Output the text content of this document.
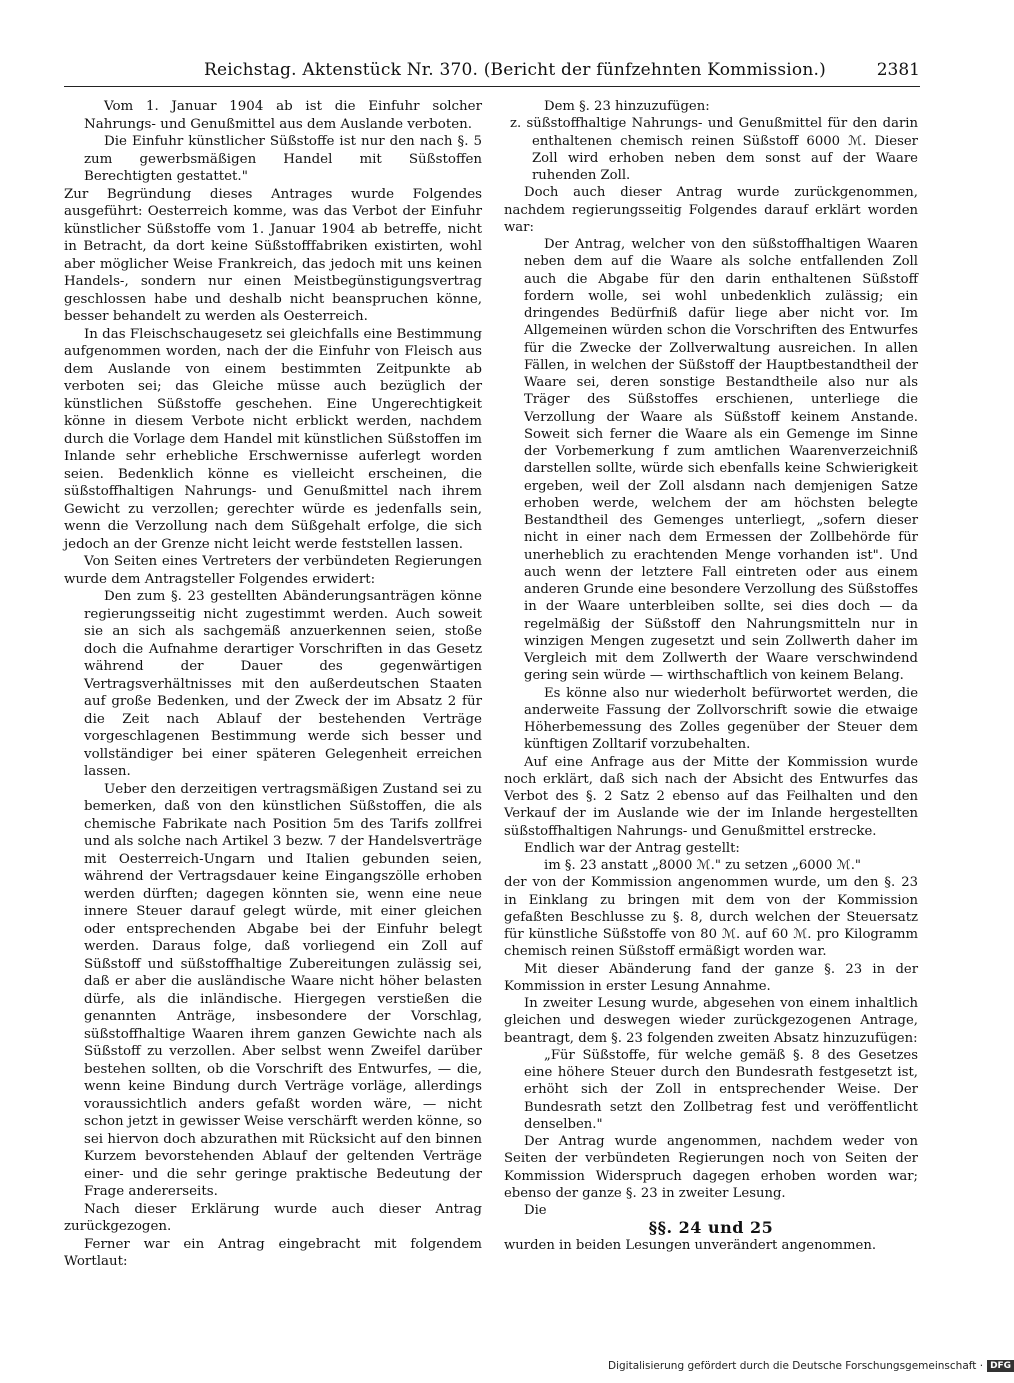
Reichstag. Aktenstück Nr. 370. (Bericht der fünfzehnten Kommission.)	2381

Vom 1. Januar 1904 ab ist die Einfuhr solcher Nahrungs- und Genußmittel aus dem Auslande verboten.

Die Einfuhr künstlicher Süßstoffe ist nur den nach §. 5 zum gewerbsmäßigen Handel mit Süßstoffen Berechtigten gestattet."

Zur Begründung dieses Antrages wurde Folgendes ausgeführt: Oesterreich komme, was das Verbot der Einfuhr künstlicher Süßstoffe vom 1. Januar 1904 ab betreffe, nicht in Betracht, da dort keine Süßstofffabriken existirten, wohl aber möglicher Weise Frankreich, das jedoch mit uns keinen Handels-, sondern nur einen Meistbegünstigungsvertrag geschlossen habe und deshalb nicht beanspruchen könne, besser behandelt zu werden als Oesterreich.

In das Fleischschaugesetz sei gleichfalls eine Bestimmung aufgenommen worden, nach der die Einfuhr von Fleisch aus dem Auslande von einem bestimmten Zeitpunkte ab verboten sei; das Gleiche müsse auch bezüglich der künstlichen Süßstoffe geschehen. Eine Ungerechtigkeit könne in diesem Verbote nicht erblickt werden, nachdem durch die Vorlage dem Handel mit künstlichen Süßstoffen im Inlande sehr erhebliche Erschwernisse auferlegt worden seien. Bedenklich könne es vielleicht erscheinen, die süßstoffhaltigen Nahrungs- und Genußmittel nach ihrem Gewicht zu verzollen; gerechter würde es jedenfalls sein, wenn die Verzollung nach dem Süßgehalt erfolge, die sich jedoch an der Grenze nicht leicht werde feststellen lassen.

Von Seiten eines Vertreters der verbündeten Regierungen wurde dem Antragsteller Folgendes erwidert:

Den zum §. 23 gestellten Abänderungsanträgen könne regierungsseitig nicht zugestimmt werden. Auch soweit sie an sich als sachgemäß anzuerkennen seien, stoße doch die Aufnahme derartiger Vorschriften in das Gesetz während der Dauer des gegenwärtigen Vertragsverhältnisses mit den außerdeutschen Staaten auf große Bedenken, und der Zweck der im Absatz 2 für die Zeit nach Ablauf der bestehenden Verträge vorgeschlagenen Bestimmung werde sich besser und vollständiger bei einer späteren Gelegenheit erreichen lassen.

Ueber den derzeitigen vertragsmäßigen Zustand sei zu bemerken, daß von den künstlichen Süßstoffen, die als chemische Fabrikate nach Position 5m des Tarifs zollfrei und als solche nach Artikel 3 bezw. 7 der Handelsverträge mit Oesterreich-Ungarn und Italien gebunden seien, während der Vertragsdauer keine Eingangszölle erhoben werden dürften; dagegen könnten sie, wenn eine neue innere Steuer darauf gelegt würde, mit einer gleichen oder entsprechenden Abgabe bei der Einfuhr belegt werden. Daraus folge, daß vorliegend ein Zoll auf Süßstoff und süßstoffhaltige Zubereitungen zulässig sei, daß er aber die ausländische Waare nicht höher belasten dürfe, als die inländische. Hiergegen verstießen die genannten Anträge, insbesondere der Vorschlag, süßstoffhaltige Waaren ihrem ganzen Gewichte nach als Süßstoff zu verzollen. Aber selbst wenn Zweifel darüber bestehen sollten, ob die Vorschrift des Entwurfes, — die, wenn keine Bindung durch Verträge vorläge, allerdings voraussichtlich anders gefaßt worden wäre, — nicht schon jetzt in gewisser Weise verschärft werden könne, so sei hiervon doch abzurathen mit Rücksicht auf den binnen Kurzem bevorstehenden Ablauf der geltenden Verträge einer- und die sehr geringe praktische Bedeutung der Frage andererseits.

Nach dieser Erklärung wurde auch dieser Antrag zurückgezogen.

Ferner war ein Antrag eingebracht mit folgendem Wortlaut:

Dem §. 23 hinzuzufügen:

z. süßstoffhaltige Nahrungs- und Genußmittel für den darin enthaltenen chemisch reinen Süßstoff 6000 ℳ. Dieser Zoll wird erhoben neben dem sonst auf der Waare ruhenden Zoll.

Doch auch dieser Antrag wurde zurückgenommen, nachdem regierungsseitig Folgendes darauf erklärt worden war:

Der Antrag, welcher von den süßstoffhaltigen Waaren neben dem auf die Waare als solche entfallenden Zoll auch die Abgabe für den darin enthaltenen Süßstoff fordern wolle, sei wohl unbedenklich zulässig; ein dringendes Bedürfniß dafür liege aber nicht vor. Im Allgemeinen würden schon die Vorschriften des Entwurfes für die Zwecke der Zollverwaltung ausreichen. In allen Fällen, in welchen der Süßstoff der Hauptbestandtheil der Waare sei, deren sonstige Bestandtheile also nur als Träger des Süßstoffes erschienen, unterliege die Verzollung der Waare als Süßstoff keinem Anstande. Soweit sich ferner die Waare als ein Gemenge im Sinne der Vorbemerkung f zum amtlichen Waarenverzeichniß darstellen sollte, würde sich ebenfalls keine Schwierigkeit ergeben, weil der Zoll alsdann nach demjenigen Satze erhoben werde, welchem der am höchsten belegte Bestandtheil des Gemenges unterliegt, „sofern dieser nicht in einer nach dem Ermessen der Zollbehörde für unerheblich zu erachtenden Menge vorhanden ist". Und auch wenn der letztere Fall eintreten oder aus einem anderen Grunde eine besondere Verzollung des Süßstoffes in der Waare unterbleiben sollte, sei dies doch — da regelmäßig der Süßstoff den Nahrungsmitteln nur in winzigen Mengen zugesetzt und sein Zollwerth daher im Vergleich mit dem Zollwerth der Waare verschwindend gering sein würde — wirthschaftlich von keinem Belang.

Es könne also nur wiederholt befürwortet werden, die anderweite Fassung der Zollvorschrift sowie die etwaige Höherbemessung des Zolles gegenüber der Steuer dem künftigen Zolltarif vorzubehalten.

Auf eine Anfrage aus der Mitte der Kommission wurde noch erklärt, daß sich nach der Absicht des Entwurfes das Verbot des §. 2 Satz 2 ebenso auf das Feilhalten und den Verkauf der im Auslande wie der im Inlande hergestellten süßstoffhaltigen Nahrungs- und Genußmittel erstrecke.

Endlich war der Antrag gestellt:

im §. 23 anstatt „8000 ℳ." zu setzen „6000 ℳ."

der von der Kommission angenommen wurde, um den §. 23 in Einklang zu bringen mit dem von der Kommission gefaßten Beschlusse zu §. 8, durch welchen der Steuersatz für künstliche Süßstoffe von 80 ℳ. auf 60 ℳ. pro Kilogramm chemisch reinen Süßstoff ermäßigt worden war.

Mit dieser Abänderung fand der ganze §. 23 in der Kommission in erster Lesung Annahme.

In zweiter Lesung wurde, abgesehen von einem inhaltlich gleichen und deswegen wieder zurückgezogenen Antrage, beantragt, dem §. 23 folgenden zweiten Absatz hinzuzufügen:

„Für Süßstoffe, für welche gemäß §. 8 des Gesetzes eine höhere Steuer durch den Bundesrath festgesetzt ist, erhöht sich der Zoll in entsprechender Weise. Der Bundesrath setzt den Zollbetrag fest und veröffentlicht denselben."

Der Antrag wurde angenommen, nachdem weder von Seiten der verbündeten Regierungen noch von Seiten der Kommission Widerspruch dagegen erhoben worden war; ebenso der ganze §. 23 in zweiter Lesung.

Die

§§. 24 und 25

wurden in beiden Lesungen unverändert angenommen.

Digitalisierung gefördert durch die Deutsche Forschungsgemeinschaft · DFG
